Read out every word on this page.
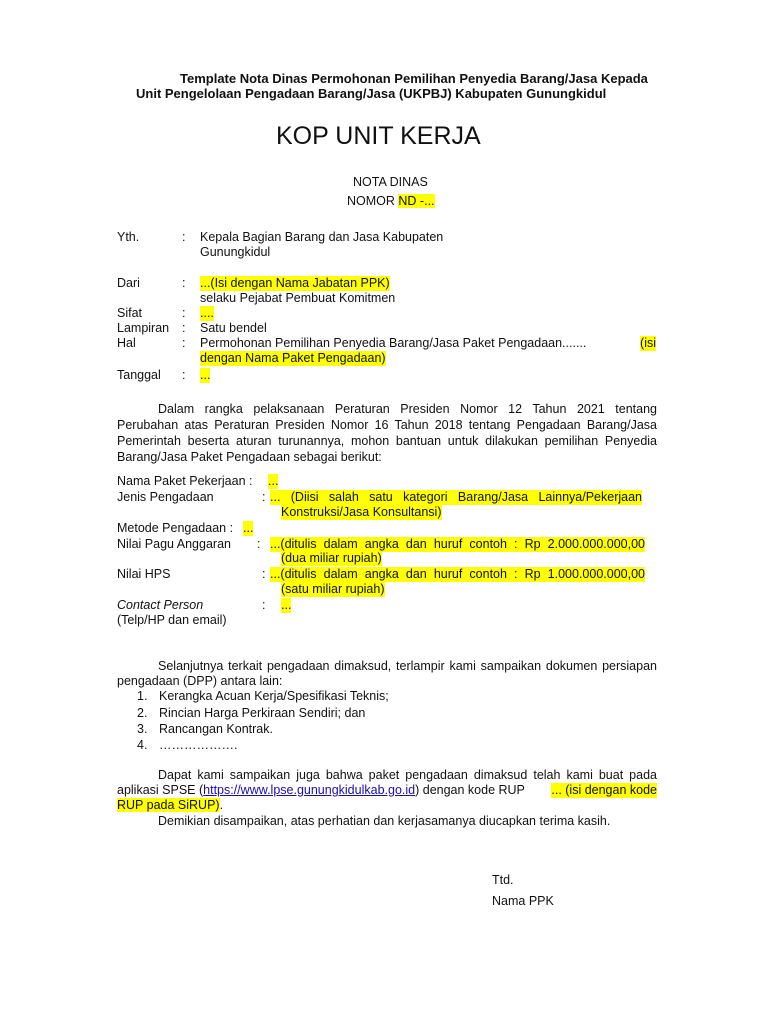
Template Nota Dinas Permohonan Pemilihan Penyedia Barang/Jasa Kepada
Unit Pengelolaan Pengadaan Barang/Jasa (UKPBJ) Kabupaten Gunungkidul
KOP UNIT KERJA
NOTA DINAS
NOMOR ND -...
Yth.	: Kepala Bagian Barang dan Jasa Kabupaten
Gunungkidul
Dari	: ...(Isi dengan Nama Jabatan PPK)
selaku Pejabat Pembuat Komitmen
Sifat	: ....
Lampiran : Satu bendel
Hal	: Permohonan Pemilihan Penyedia Barang/Jasa Paket Pengadaan.......	(isi
dengan Nama Paket Pengadaan)
Tanggal : ...
Dalam rangka pelaksanaan Peraturan Presiden Nomor 12 Tahun 2021 tentang Perubahan atas Peraturan Presiden Nomor 16 Tahun 2018 tentang Pengadaan Barang/Jasa Pemerintah beserta aturan turunannya, mohon bantuan untuk dilakukan pemilihan Penyedia Barang/Jasa Paket Pengadaan sebagai berikut:
Nama Paket Pekerjaan : ...
Jenis Pengadaan	: ... (Diisi salah satu kategori Barang/Jasa Lainnya/Pekerjaan
Konstruksi/Jasa Konsultansi)
Metode Pengadaan : ...
Nilai Pagu Anggaran : ...(ditulis dalam angka dan huruf contoh : Rp 2.000.000.000,00
(dua miliar rupiah)
Nilai HPS	: ...(ditulis dalam angka dan huruf contoh : Rp 1.000.000.000,00
(satu miliar rupiah)
Contact Person	: ...
(Telp/HP dan email)
Selanjutnya terkait pengadaan dimaksud, terlampir kami sampaikan dokumen persiapan pengadaan (DPP) antara lain:
1. Kerangka Acuan Kerja/Spesifikasi Teknis;
2. Rincian Harga Perkiraan Sendiri; dan
3. Rancangan Kontrak.
4. ……………….
Dapat kami sampaikan juga bahwa paket pengadaan dimaksud telah kami buat pada
aplikasi SPSE (https://www.lpse.gunungkidulkab.go.id) dengan kode RUP ... (isi dengan kode
RUP pada SiRUP).
Demikian disampaikan, atas perhatian dan kerjasamanya diucapkan terima kasih.
Ttd.
Nama PPK
